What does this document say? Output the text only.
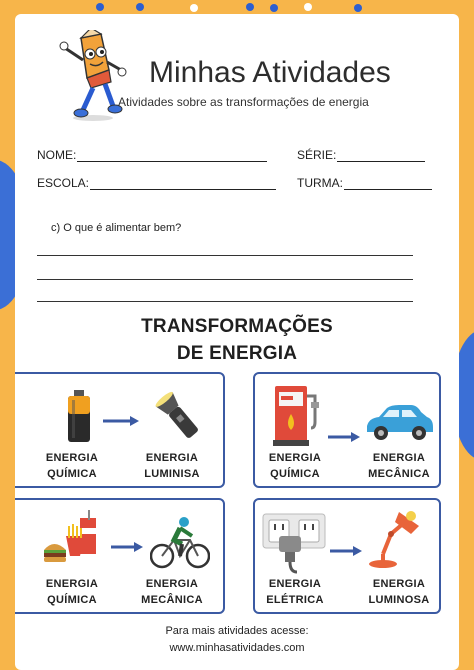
Minhas Atividades
Atividades sobre as transformações de energia
NOME:	SÉRIE:
ESCOLA:	TURMA:
c) O que é alimentar bem?
TRANSFORMAÇÕES
DE ENERGIA
ENERGIA
QUÍMICA
ENERGIA
LUMINISA
ENERGIA
QUÍMICA
ENERGIA
MECÂNICA
ENERGIA
QUÍMICA
ENERGIA
MECÂNICA
ENERGIA
ELÉTRICA
ENERGIA
LUMINOSA
Para mais atividades acesse:
www.minhasatividades.com
